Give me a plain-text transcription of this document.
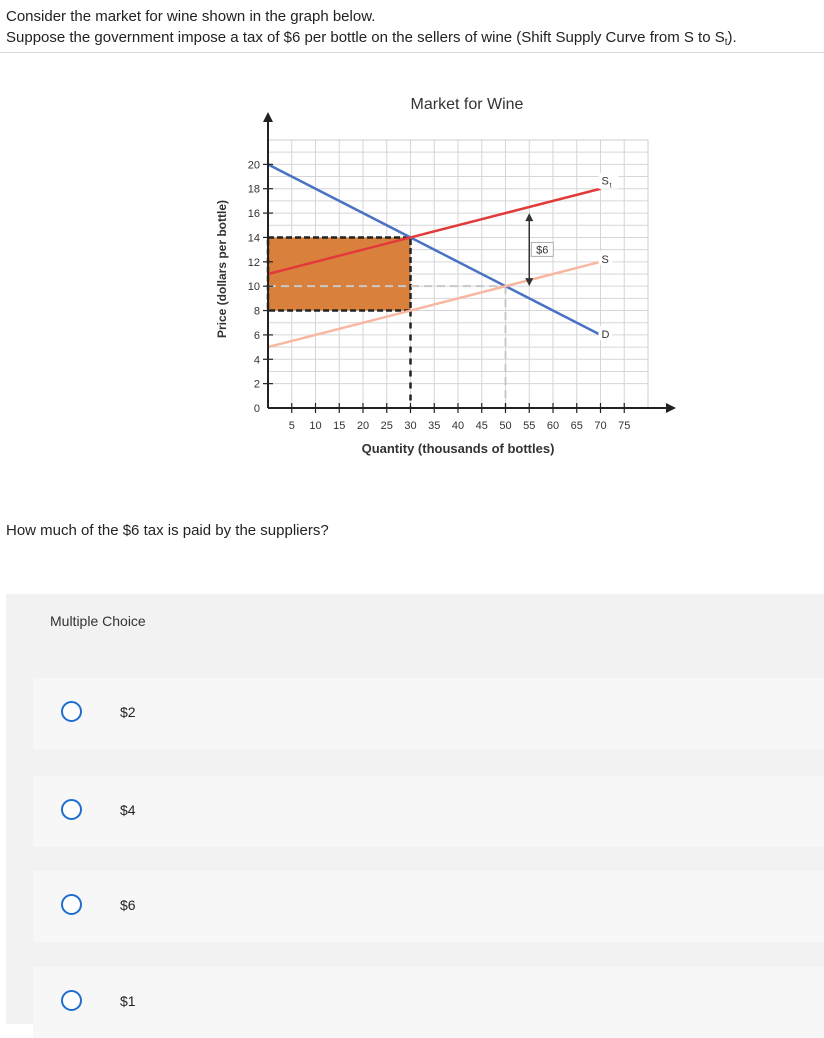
Consider the market for wine shown in the graph below.
Suppose the government impose a tax of $6 per bottle on the sellers of wine (Shift Supply Curve from S to $S_t$).
Market for Wine
$6
S t
S
D
5 10 15 20 25 30 35 40 45 50 55 60 65 70 75
0
2
4
6
8
10
12
14
16
18
20
Quantity (thousands of bottles)
Price (dollars per bottle)
How much of the $6 tax is paid by the suppliers?
Multiple Choice
$2
$4
$6
$1
